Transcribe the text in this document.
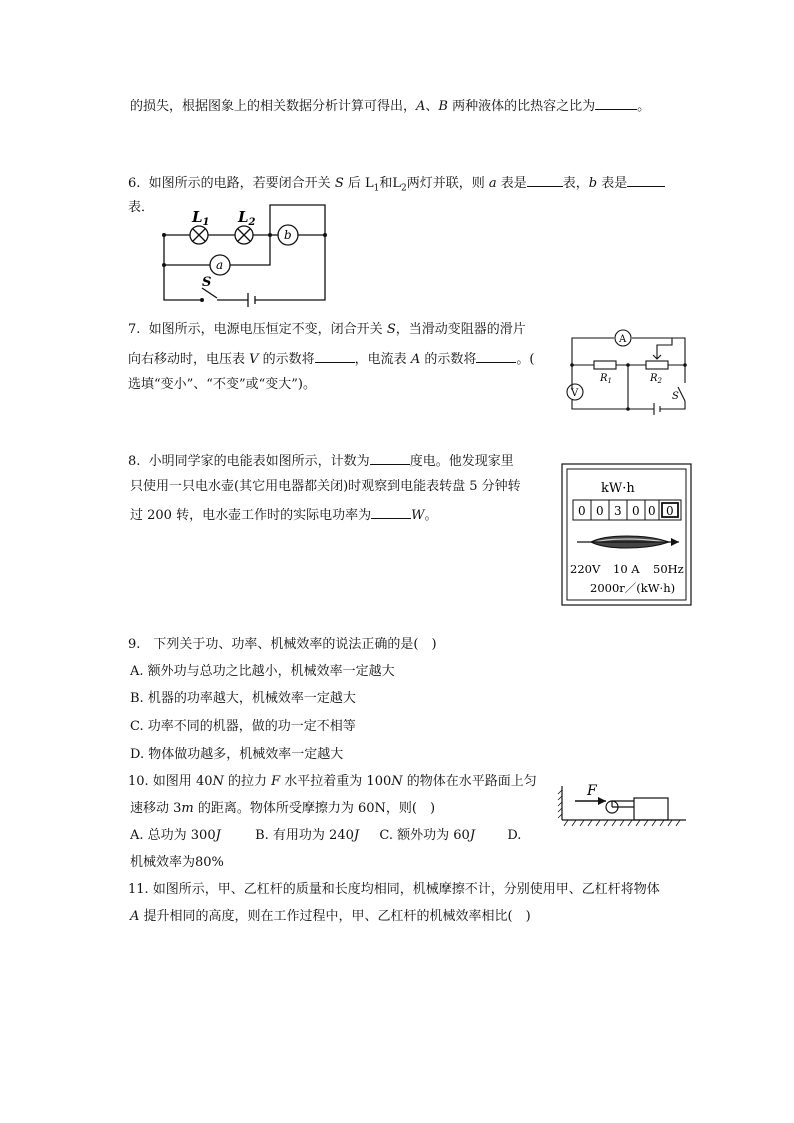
的损失，根据图象上的相关数据分析计算可得出，A、B 两种液体的比热容之比为	。
6. 如图所示的电路，若要闭合开关 S 后 $L_1$和$L_2$两灯并联，则 a 表是	表，b 表是
表．
$L_1$ $L_2$
b
a
S
7. 如图所示，电源电压恒定不变，闭合开关 S，当滑动变阻器的滑片
向右移动时，电压表 V 的示数将	，电流表 A 的示数将	。(
选填“变小”、“不变”或“变大”)。
A
V
$R_1$	$R_2$
S
8. 小明同学家的电能表如图所示，计数为	度电。他发现家里
只使用一只电水壶(其它用电器都关闭)时观察到电能表转盘 5 分钟转
过 200 转，电水壶工作时的实际电功率为	W。
kW·h
0 0 3 0 0 0
220V 10 A 50Hz
2000r／(kW·h)
9.　下列关于功、功率、机械效率的说法正确的是(　)
A. 额外功与总功之比越小，机械效率一定越大
B. 机器的功率越大，机械效率一定越大
C. 功率不同的机器，做的功一定不相等
D. 物体做功越多，机械效率一定越大
10. 如图用 40N 的拉力 F 水平拉着重为 100N 的物体在水平路面上匀
速移动 3m 的距离。物体所受摩擦力为 60N，则(　)
A. 总功为 300J	B. 有用功为 240J C. 额外功为 60J D.
机械效率为80%
F
11. 如图所示，甲、乙杠杆的质量和长度均相同，机械摩擦不计，分别使用甲、乙杠杆将物体
A 提升相同的高度，则在工作过程中，甲、乙杠杆的机械效率相比(　)
